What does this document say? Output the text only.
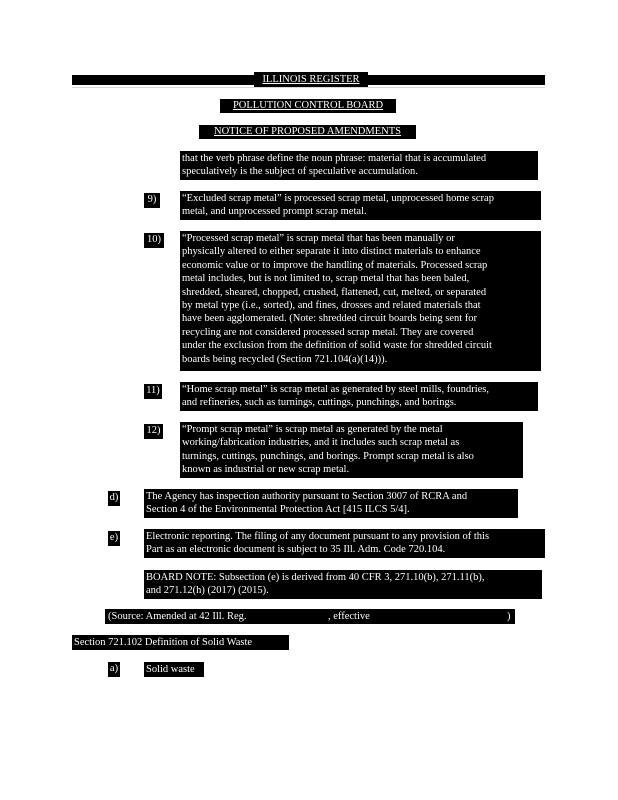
ILLINOIS REGISTER
POLLUTION CONTROL BOARD
NOTICE OF PROPOSED AMENDMENTS
that the verb phrase define the noun phrase: material that is accumulated
speculatively is the subject of speculative accumulation.
9)	“Excluded scrap metal” is processed scrap metal, unprocessed home scrap
metal, and unprocessed prompt scrap metal.
10) “Processed scrap metal” is scrap metal that has been manually or
physically altered to either separate it into distinct materials to enhance
economic value or to improve the handling of materials. Processed scrap
metal includes, but is not limited to, scrap metal that has been baled,
shredded, sheared, chopped, crushed, flattened, cut, melted, or separated
by metal type (i.e., sorted), and fines, drosses and related materials that
have been agglomerated. (Note: shredded circuit boards being sent for
recycling are not considered processed scrap metal. They are covered
under the exclusion from the definition of solid waste for shredded circuit
boards being recycled (Section 721.104(a)(14))).
11) “Home scrap metal” is scrap metal as generated by steel mills, foundries,
and refineries, such as turnings, cuttings, punchings, and borings.
12) “Prompt scrap metal” is scrap metal as generated by the metal
working/fabrication industries, and it includes such scrap metal as
turnings, cuttings, punchings, and borings. Prompt scrap metal is also
known as industrial or new scrap metal.
d)	The Agency has inspection authority pursuant to Section 3007 of RCRA and
Section 4 of the Environmental Protection Act [415 ILCS 5/4].
e)	Electronic reporting. The filing of any document pursuant to any provision of this
Part as an electronic document is subject to 35 Ill. Adm. Code 720.104.
BOARD NOTE: Subsection (e) is derived from 40 CFR 3, 271.10(b), 271.11(b),
and 271.12(h) (2017) (2015).
(Source: Amended at 42 Ill. Reg.	, effective	)
Section 721.102 Definition of Solid Waste
a)	Solid waste
